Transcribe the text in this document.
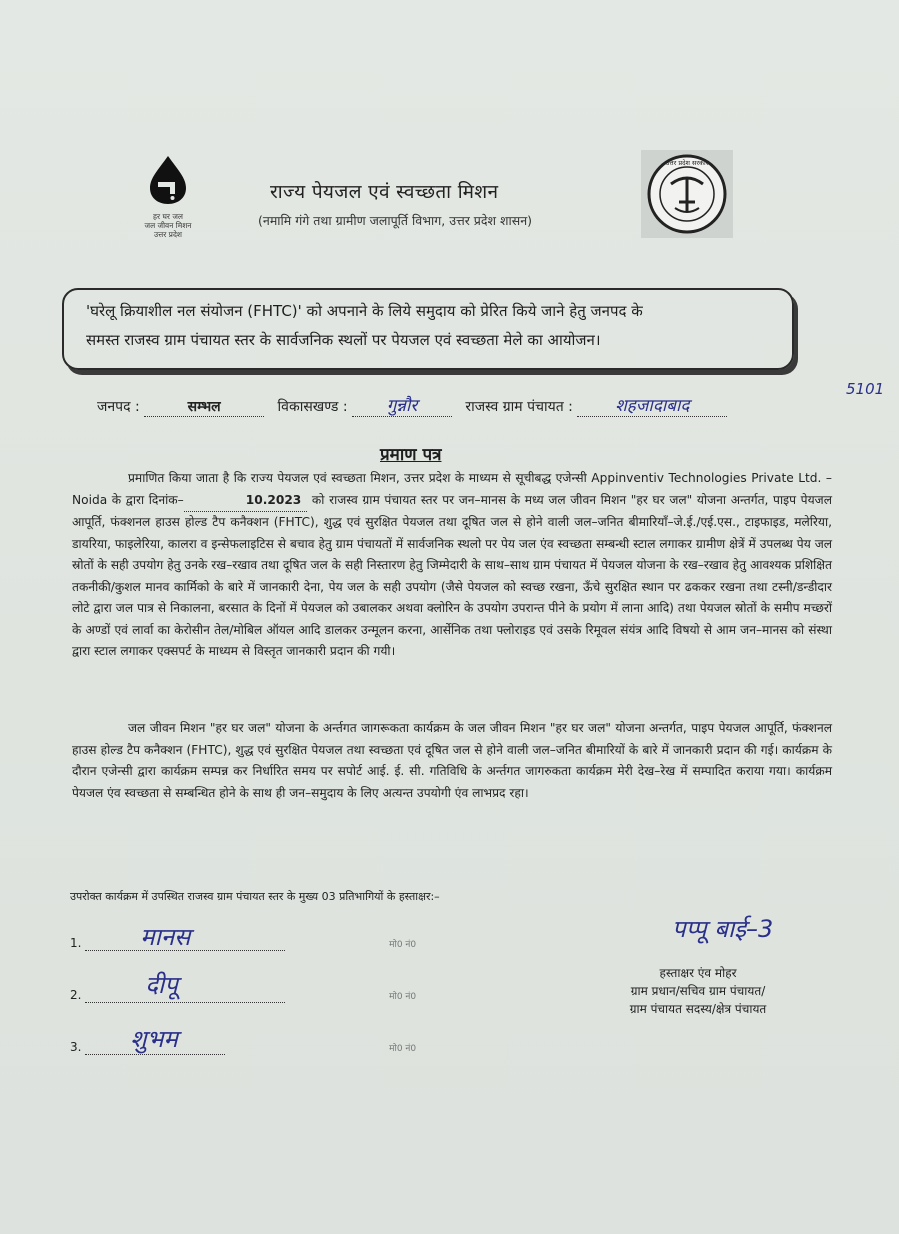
हर घर जल
जल जीवन मिशन
उत्तर प्रदेश
राज्य पेयजल एवं स्वच्छता मिशन
(नमामि गंगे तथा ग्रामीण जलापूर्ति विभाग, उत्तर प्रदेश शासन)
उत्तर प्रदेश सरकार
'घरेलू क्रियाशील नल संयोजन (FHTC)' को अपनाने के लिये समुदाय को प्रेरित किये जाने हेतु जनपद के
समस्त राजस्व ग्राम पंचायत स्तर के सार्वजनिक स्थलों पर पेयजल एवं स्वच्छता मेले का आयोजन।
जनपद :	सम्भल	विकासखण्ड : गुन्नौर	राजस्व ग्राम पंचायत : शहजादाबाद
5101
प्रमाण पत्र

प्रमाणित किया जाता है कि राज्य पेयजल एवं स्वच्छता मिशन, उत्तर प्रदेश के माध्यम से सूचीबद्ध एजेन्सी Appinventiv Technologies Private Ltd. – Noida के द्वारा दिनांक–	10.2023 को राजस्व ग्राम पंचायत स्तर पर जन–मानस के मध्य जल जीवन मिशन "हर घर जल" योजना अन्तर्गत, पाइप पेयजल आपूर्ति, फंक्शनल हाउस होल्ड टैप कनैक्शन (FHTC), शुद्ध एवं सुरक्षित पेयजल तथा दूषित जल से होने वाली जल–जनित बीमारियाँ–जे.ई./एई.एस., टाइफाइड, मलेरिया, डायरिया, फाइलेरिया, कालरा व इन्सेफलाइटिस से बचाव हेतु ग्राम पंचायतों में सार्वजनिक स्थलो पर पेय जल एंव स्वच्छता सम्बन्धी स्टाल लगाकर ग्रामीण क्षेत्रें में उपलब्ध पेय जल स्रोतों के सही उपयोग हेतु उनके रख–रखाव तथा दूषित जल के सही निस्तारण हेतु जिम्मेदारी के साथ–साथ ग्राम पंचायत में पेयजल योजना के रख–रखाव हेतु आवश्यक प्रशिक्षित तकनीकी/कुशल मानव कार्मिको के बारे में जानकारी देना, पेय जल के सही उपयोग (जैसे पेयजल को स्वच्छ रखना, ऊँचे सुरक्षित स्थान पर ढककर रखना तथा टस्नी/डन्डीदार लोटे द्वारा जल पात्र से निकालना, बरसात के दिनों में पेयजल को उबालकर अथवा क्लोरिन के उपयोग उपरान्त पीने के प्रयोग में लाना आदि) तथा पेयजल स्रोतों के समीप मच्छरों के अण्डों एवं लार्वा का केरोसीन तेल/मोबिल ऑयल आदि डालकर उन्मूलन करना, आर्सेनिक तथा फ्लोराइड एवं उसके रिमूवल संयंत्र आदि विषयो से आम जन–मानस को संस्था द्वारा स्टाल लगाकर एक्सपर्ट के माध्यम से विस्तृत जानकारी प्रदान की गयी।

जल जीवन मिशन "हर घर जल" योजना के अर्न्तगत जागरूकता कार्यक्रम के जल जीवन मिशन "हर घर जल" योजना अन्तर्गत, पाइप पेयजल आपूर्ति, फंक्शनल हाउस होल्ड टैप कनैक्शन (FHTC), शुद्ध एवं सुरक्षित पेयजल तथा स्वच्छता एवं दूषित जल से होने वाली जल–जनित बीमारियों के बारे में जानकारी प्रदान की गई। कार्यक्रम के दौरान एजेन्सी द्वारा कार्यक्रम सम्पन्न कर निर्धारित समय पर सपोर्ट आई. ई. सी. गतिविधि के अर्न्तगत जागरुकता कार्यक्रम मेरी देख–रेख में सम्पादित कराया गया। कार्यक्रम पेयजल एंव स्वच्छता से सम्बन्धित होने के साथ ही जन–समुदाय के लिए अत्यन्त उपयोगी एंव लाभप्रद रहा।

उपरोक्त कार्यक्रम में उपस्थित राजस्व ग्राम पंचायत स्तर के मुख्य 03 प्रतिभागियों के हस्ताक्षर:–
1. मानस	मो0 नं0
2.	दीपू	मो0 नं0
3. शुभम	मो0 नं0
पप्पू बाई–3
हस्ताक्षर एंव मोहर
ग्राम प्रधान/सचिव ग्राम पंचायत/
ग्राम पंचायत सदस्य/क्षेत्र पंचायत
